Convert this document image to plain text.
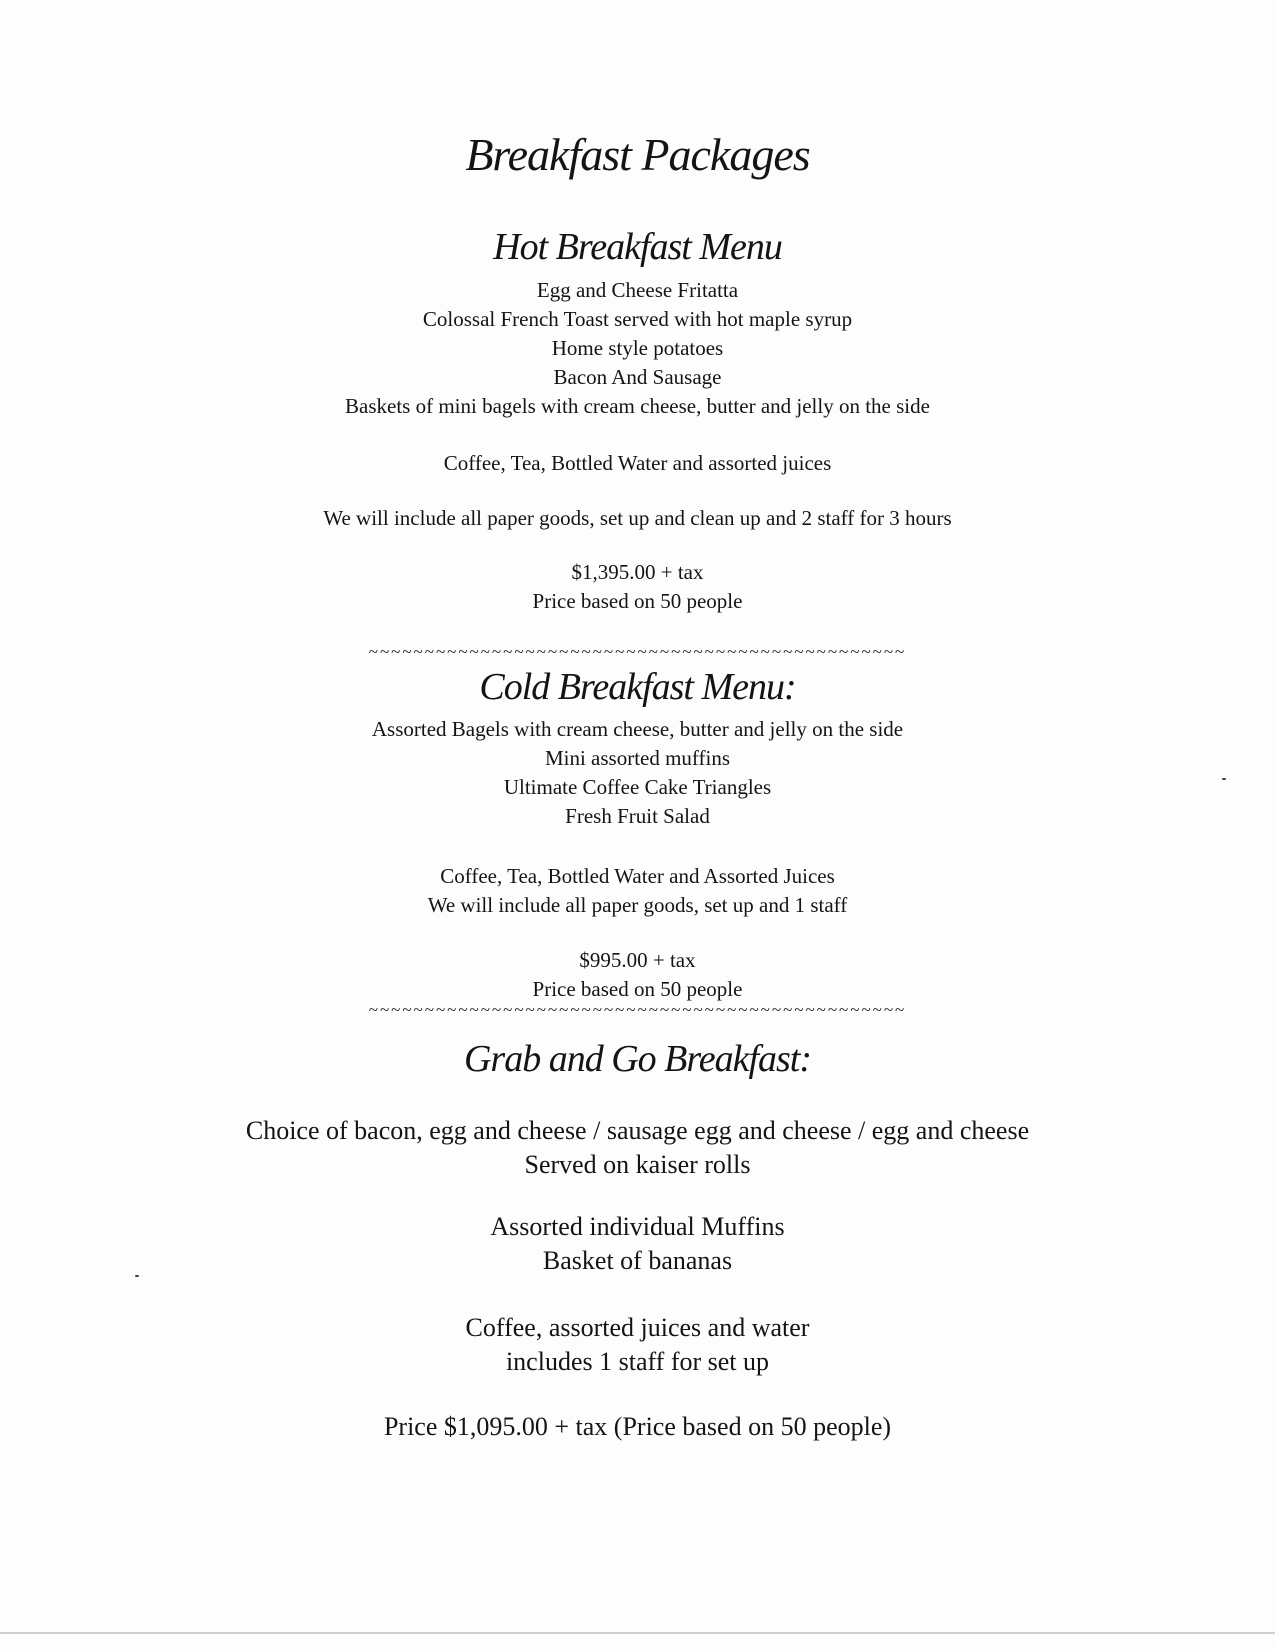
Breakfast Packages
Hot Breakfast Menu

Egg and Cheese Fritatta

Colossal French Toast served with hot maple syrup

Home style potatoes

Bacon And Sausage

Baskets of mini bagels with cream cheese, butter and jelly on the side

Coffee, Tea, Bottled Water and assorted juices
We will include all paper goods, set up and clean up and 2 staff for 3 hours

$1,395.00 + tax

Price based on 50 people

~~~~~~~~~~~~~~~~~~~~~~~~~~~~~~~~~~~~~~~~~~~~~~~~
Cold Breakfast Menu:

Assorted Bagels with cream cheese, butter and jelly on the side

Mini assorted muffins

Ultimate Coffee Cake Triangles

Fresh Fruit Salad

Coffee, Tea, Bottled Water and Assorted Juices

We will include all paper goods, set up and 1 staff

$995.00 + tax

Price based on 50 people

~~~~~~~~~~~~~~~~~~~~~~~~~~~~~~~~~~~~~~~~~~~~~~~~
Grab and Go Breakfast:

Choice of bacon, egg and cheese / sausage egg and cheese / egg and cheese

Served on kaiser rolls

Assorted individual Muffins

Basket of bananas

Coffee, assorted juices and water

includes 1 staff for set up

Price $1,095.00 + tax (Price based on 50 people)
